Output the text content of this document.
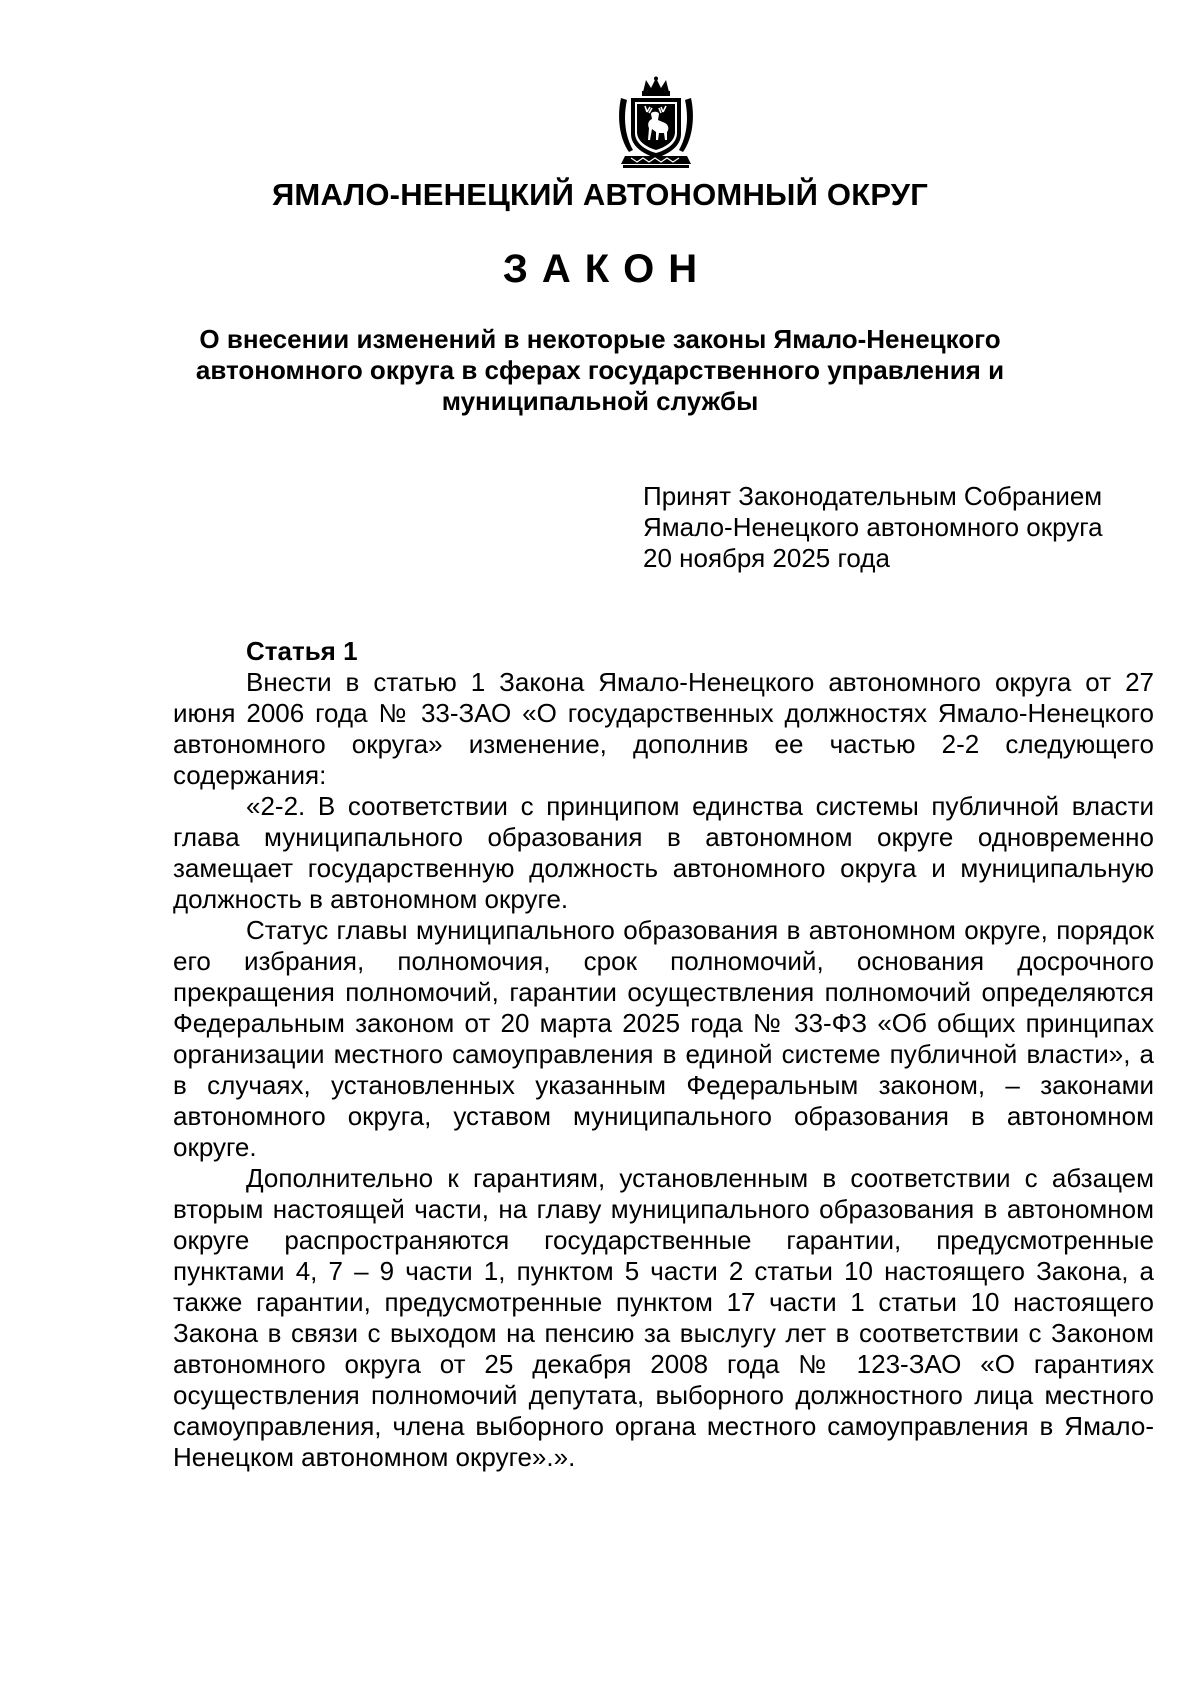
ЯМАЛО-НЕНЕЦКИЙ АВТОНОМНЫЙ ОКРУГ
ЗАКОН
О внесении изменений в некоторые законы Ямало-Ненецкого автономного округа в сферах государственного управления и муниципальной службы
Принят Законодательным Собранием
Ямало-Ненецкого автономного округа
20 ноября 2025 года
Статья 1

Внести в статью 1 Закона Ямало-Ненецкого автономного округа от 27 июня 2006 года № 33-ЗАО «О государственных должностях Ямало-Ненецкого автономного округа» изменение, дополнив ее частью 2-2 следующего содержания:

«2-2. В соответствии с принципом единства системы публичной власти глава муниципального образования в автономном округе одновременно замещает государственную должность автономного округа и муниципальную должность в автономном округе.

Статус главы муниципального образования в автономном округе, порядок его избрания, полномочия, срок полномочий, основания досрочного прекращения полномочий, гарантии осуществления полномочий определяются Федеральным законом от 20 марта 2025 года № 33-ФЗ «Об общих принципах организации местного самоуправления в единой системе публичной власти», а в случаях, установленных указанным Федеральным законом, – законами автономного округа, уставом муниципального образования в автономном округе.

Дополнительно к гарантиям, установленным в соответствии с абзацем вторым настоящей части, на главу муниципального образования в автономном округе распространяются государственные гарантии, предусмотренные пунктами 4, 7 – 9 части 1, пунктом 5 части 2 статьи 10 настоящего Закона, а также гарантии, предусмотренные пунктом 17 части 1 статьи 10 настоящего Закона в связи с выходом на пенсию за выслугу лет в соответствии с Законом автономного округа от 25 декабря 2008 года № 123-ЗАО «О гарантиях осуществления полномочий депутата, выборного должностного лица местного самоуправления, члена выборного органа местного самоуправления в Ямало-Ненецком автономном округе».».
